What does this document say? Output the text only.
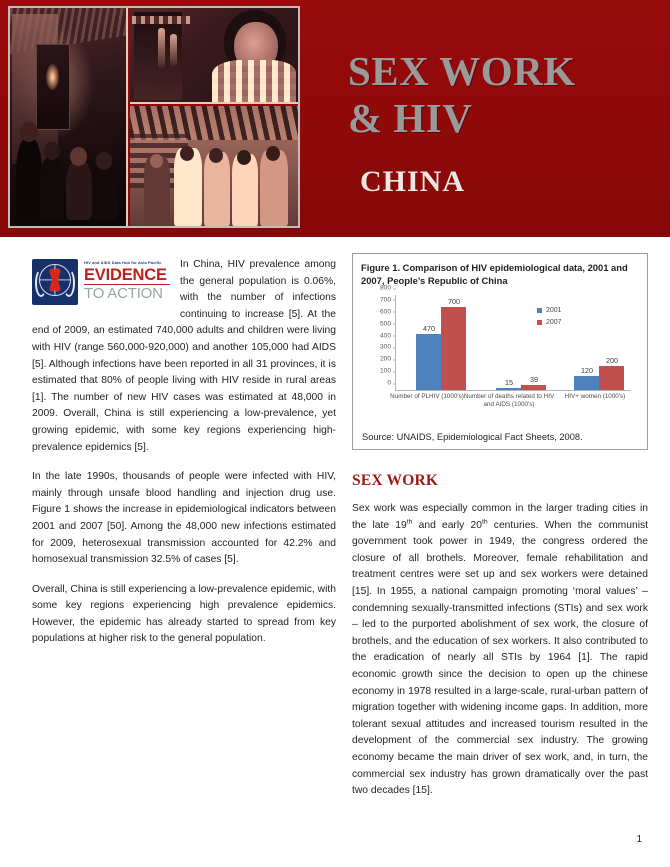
SEX WORK
& HIV
CHINA
HIV and AIDS Data Hub for Asia Pacific
EVIDENCE
TO ACTION

In China, HIV prevalence among the general population is 0.06%, with the number of infections continuing to increase [5]. At the end of 2009, an estimated 740,000 adults and children were living with HIV (range 560,000-920,000) and another 105,000 had AIDS [5]. Although infections have been reported in all 31 provinces, it is estimated that 80% of people living with HIV reside in rural areas [1]. The number of new HIV cases was estimated at 48,000 in 2009. Overall, China is still experiencing a low-prevalence, yet growing epidemic, with some key regions experiencing high-prevalence epidemics [5].

In the late 1990s, thousands of people were infected with HIV, mainly through unsafe blood handling and injection drug use. Figure 1 shows the increase in epidemiological indicators between 2001 and 2007 [50]. Among the 48,000 new infections estimated for 2009, heterosexual transmission accounted for 42.2% and homosexual transmission 32.5% of cases [5].

Overall, China is still experiencing a low-prevalence epidemic, with some key regions experiencing high prevalence epidemics. However, the epidemic has already started to spread from key populations at higher risk to the general population.

Figure 1. Comparison of HIV epidemiological data, 2001 and 2007, People’s Republic of China
800
700
600
500
400
300
200
100
0
470
700
15	39
120
200
2001
2007
Number of PLHIV (1000's) Number of deaths related to HIV and AIDS (1000's)
HIV+ women (1000's)
Source: UNAIDS, Epidemiological Fact Sheets, 2008.
SEX WORK

Sex work was especially common in the larger trading cities in the late 19th and early 20th centuries. When the communist government took power in 1949, the congress ordered the closure of all brothels. Moreover, female rehabilitation and treatment centres were set up and sex workers were detained [15]. In 1955, a national campaign promoting ‘moral values’ – condemning sexually-transmitted infections (STIs) and sex work – led to the purported abolishment of sex work, the closure of brothels, and the education of sex workers. It also contributed to the eradication of nearly all STIs by 1964 [1]. The rapid economic growth since the decision to open up the chinese economy in 1978 resulted in a large-scale, rural-urban pattern of migration together with widening income gaps. In addition, more tolerant sexual attitudes and increased tourism resulted in the development of the commercial sex industry. The growing economy became the main driver of sex work, and, in turn, the commercial sex industry has grown dramatically over the past two decades [15].

1
